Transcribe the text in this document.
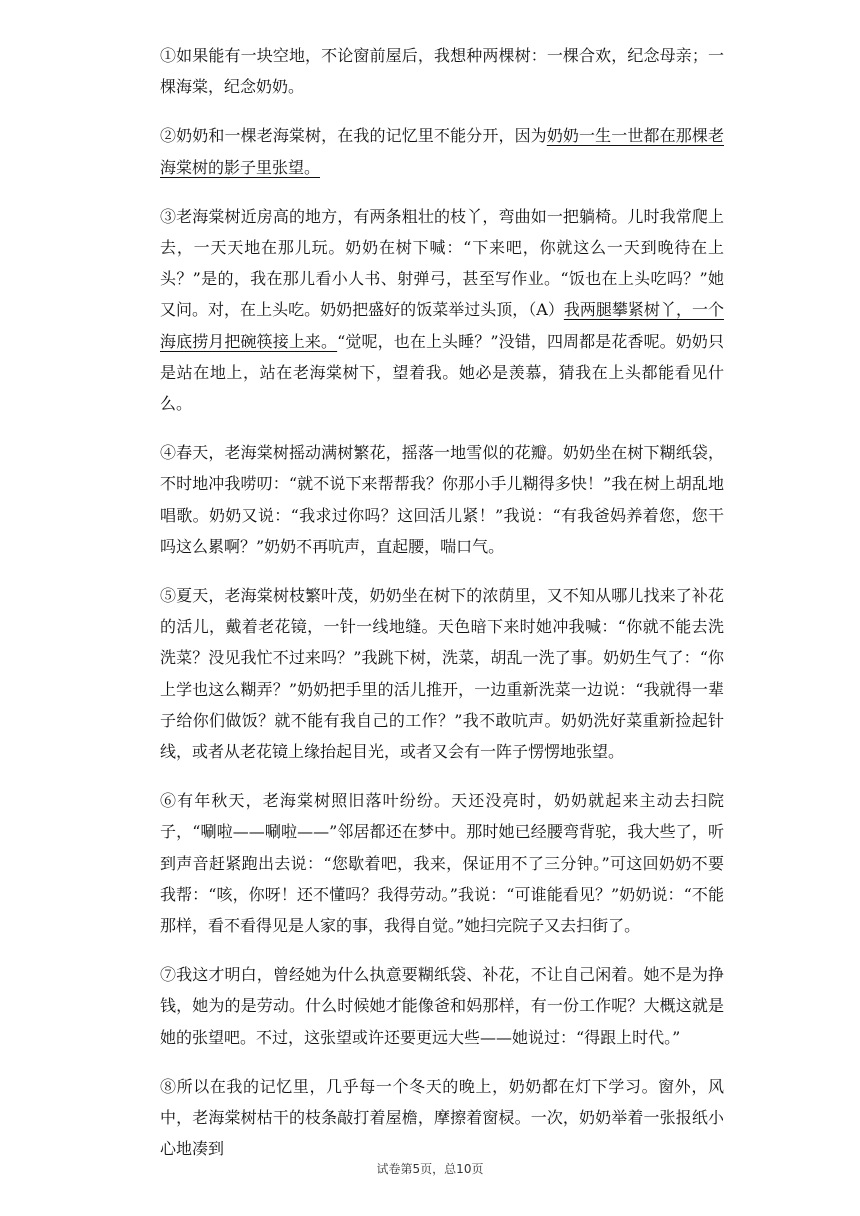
①如果能有一块空地，不论窗前屋后，我想种两棵树：一棵合欢，纪念母亲；一棵海棠，纪念奶奶。

②奶奶和一棵老海棠树，在我的记忆里不能分开，因为奶奶一生一世都在那棵老海棠树的影子里张望。

③老海棠树近房高的地方，有两条粗壮的枝丫，弯曲如一把躺椅。儿时我常爬上去，一天天地在那儿玩。奶奶在树下喊：“下来吧，你就这么一天到晚待在上头？”是的，我在那儿看小人书、射弹弓，甚至写作业。“饭也在上头吃吗？”她又问。对，在上头吃。奶奶把盛好的饭菜举过头顶，（A）我两腿攀紧树丫，一个海底捞月把碗筷接上来。“觉呢，也在上头睡？”没错，四周都是花香呢。奶奶只是站在地上，站在老海棠树下，望着我。她必是羡慕，猜我在上头都能看见什么。

④春天，老海棠树摇动满树繁花，摇落一地雪似的花瓣。奶奶坐在树下糊纸袋，不时地冲我唠叨：“就不说下来帮帮我？你那小手儿糊得多快！”我在树上胡乱地唱歌。奶奶又说：“我求过你吗？这回活儿紧！”我说：“有我爸妈养着您，您干吗这么累啊？”奶奶不再吭声，直起腰，喘口气。

⑤夏天，老海棠树枝繁叶茂，奶奶坐在树下的浓荫里，又不知从哪儿找来了补花的活儿，戴着老花镜，一针一线地缝。天色暗下来时她冲我喊：“你就不能去洗洗菜？没见我忙不过来吗？”我跳下树，洗菜，胡乱一洗了事。奶奶生气了：“你上学也这么糊弄？”奶奶把手里的活儿推开，一边重新洗菜一边说：“我就得一辈子给你们做饭？就不能有我自己的工作？”我不敢吭声。奶奶洗好菜重新捡起针线，或者从老花镜上缘抬起目光，或者又会有一阵子愣愣地张望。

⑥有年秋天，老海棠树照旧落叶纷纷。天还没亮时，奶奶就起来主动去扫院子，“唰啦——唰啦——”邻居都还在梦中。那时她已经腰弯背驼，我大些了，听到声音赶紧跑出去说：“您歇着吧，我来，保证用不了三分钟。”可这回奶奶不要我帮：“咳，你呀！还不懂吗？我得劳动。”我说：“可谁能看见？”奶奶说：“不能那样，看不看得见是人家的事，我得自觉。”她扫完院子又去扫街了。

⑦我这才明白，曾经她为什么执意要糊纸袋、补花，不让自己闲着。她不是为挣钱，她为的是劳动。什么时候她才能像爸和妈那样，有一份工作呢？大概这就是她的张望吧。不过，这张望或许还要更远大些——她说过：“得跟上时代。”

⑧所以在我的记忆里，几乎每一个冬天的晚上，奶奶都在灯下学习。窗外，风中，老海棠树枯干的枝条敲打着屋檐，摩擦着窗棂。一次，奶奶举着一张报纸小心地凑到

试卷第5页，总10页
